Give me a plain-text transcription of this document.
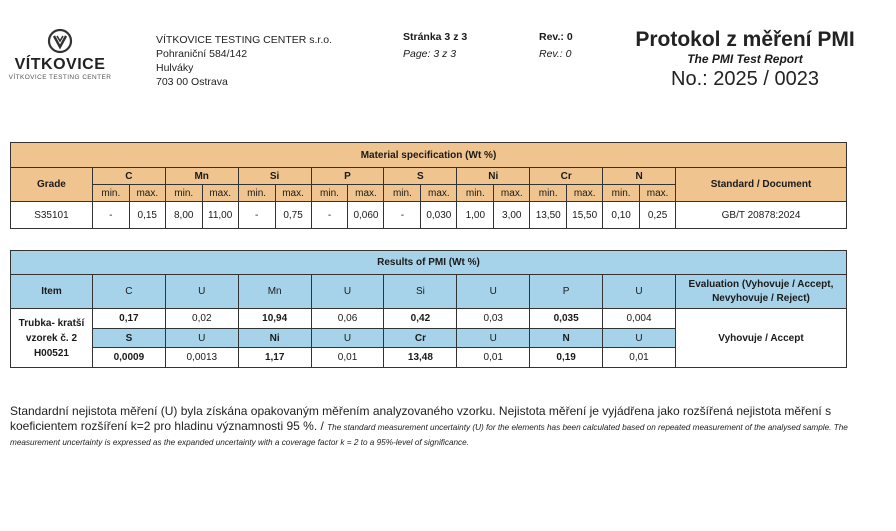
VÍTKOVICE
VÍTKOVICE TESTING CENTER
VÍTKOVICE TESTING CENTER s.r.o.
Pohraniční 584/142
Hulváky
703 00 Ostrava
Stránka 3 z 3
Page: 3 z 3
Rev.: 0
Rev.: 0
Protokol z měření PMI
The PMI Test Report
No.: 2025 / 0023
Material specification (Wt %)																	
Grade	C		Mn		Si		P		S		Ni		Cr		N		Standard / Document
	min.	max.	min.	max.	min.	max.	min.	max.	min.	max.	min.	max.	min.	max.	min.	max.	
S35101	-	0,15	8,00	11,00	-	0,75	-	0,060	-	0,030	1,00	3,00	13,50	15,50	0,10	0,25	GB/T 20878:2024
Results of PMI (Wt %)									
Item	C	U	Mn	U	Si	U	P	U	Evaluation (Vyhovuje / Accept,
Nevyhovuje / Reject)

Trubka- kratší
vzorek č. 2
H00521	0,17	0,02	10,94	0,06	0,42	0,03	0,035	0,004	Vyhovuje / Accept
	S	U	Ni	U	Cr	U	N	U	
	0,0009	0,0013	1,17	0,01	13,48	0,01	0,19	0,01	
Standardní nejistota měření (U) byla získána opakovaným měřením analyzovaného vzorku. Nejistota měření je vyjádřena jako rozšířená nejistota měření s koeficientem rozšíření k=2 pro hladinu významnosti 95 %. / The standard measurement uncertainty (U) for the elements has been calculated based on repeated measurement of the analysed sample. The measurement uncertainty is expressed as the expanded uncertainty with a coverage factor k = 2 to a 95%-level of significance.
